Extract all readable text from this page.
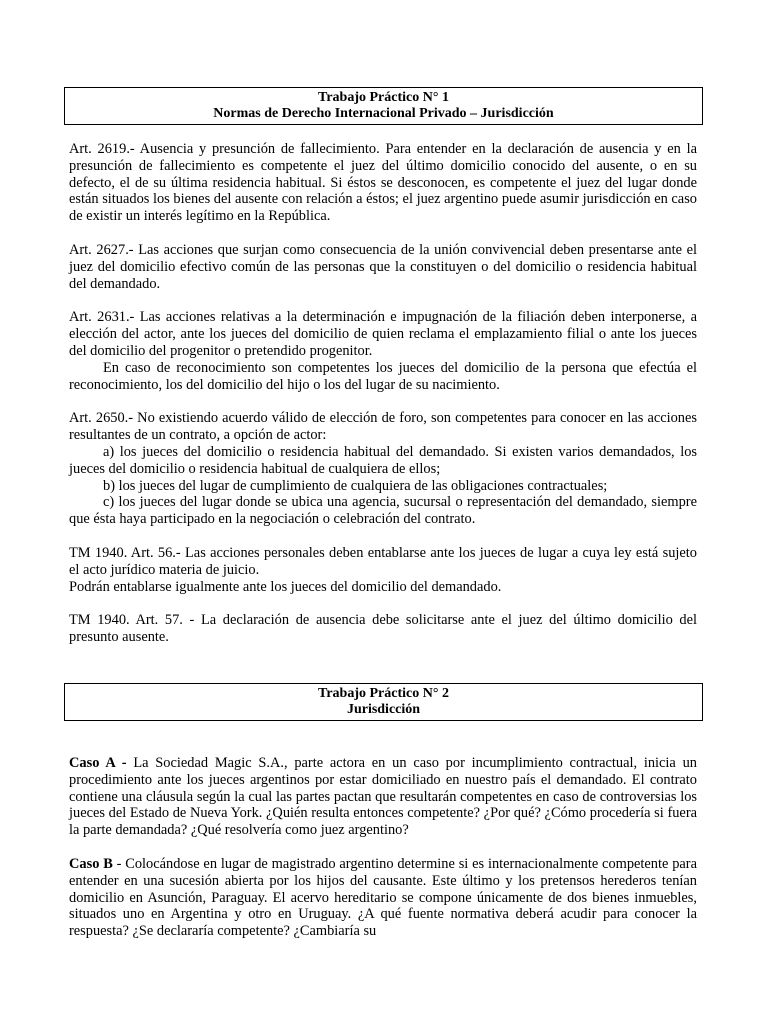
Trabajo Práctico N° 1
Normas de Derecho Internacional Privado – Jurisdicción

Art. 2619.- Ausencia y presunción de fallecimiento. Para entender en la declaración de ausencia y en la presunción de fallecimiento es competente el juez del último domicilio conocido del ausente, o en su defecto, el de su última residencia habitual. Si éstos se desconocen, es competente el juez del lugar donde están situados los bienes del ausente con relación a éstos; el juez argentino puede asumir jurisdicción en caso de existir un interés legítimo en la República.

Art. 2627.- Las acciones que surjan como consecuencia de la unión convivencial deben presentarse ante el juez del domicilio efectivo común de las personas que la constituyen o del domicilio o residencia habitual del demandado.

Art. 2631.- Las acciones relativas a la determinación e impugnación de la filiación deben interponerse, a elección del actor, ante los jueces del domicilio de quien reclama el emplazamiento filial o ante los jueces del domicilio del progenitor o pretendido progenitor.

En caso de reconocimiento son competentes los jueces del domicilio de la persona que efectúa el reconocimiento, los del domicilio del hijo o los del lugar de su nacimiento.

Art. 2650.- No existiendo acuerdo válido de elección de foro, son competentes para conocer en las acciones resultantes de un contrato, a opción de actor:

a) los jueces del domicilio o residencia habitual del demandado. Si existen varios demandados, los jueces del domicilio o residencia habitual de cualquiera de ellos;

b) los jueces del lugar de cumplimiento de cualquiera de las obligaciones contractuales;

c) los jueces del lugar donde se ubica una agencia, sucursal o representación del demandado, siempre que ésta haya participado en la negociación o celebración del contrato.

TM 1940. Art. 56.- Las acciones personales deben entablarse ante los jueces de lugar a cuya ley está sujeto el acto jurídico materia de juicio.

Podrán entablarse igualmente ante los jueces del domicilio del demandado.

TM 1940. Art. 57. - La declaración de ausencia debe solicitarse ante el juez del último domicilio del presunto ausente.

Trabajo Práctico N° 2
Jurisdicción

Caso A - La Sociedad Magic S.A., parte actora en un caso por incumplimiento contractual, inicia un procedimiento ante los jueces argentinos por estar domiciliado en nuestro país el demandado. El contrato contiene una cláusula según la cual las partes pactan que resultarán competentes en caso de controversias los jueces del Estado de Nueva York. ¿Quién resulta entonces competente? ¿Por qué? ¿Cómo procedería si fuera la parte demandada? ¿Qué resolvería como juez argentino?

Caso B - Colocándose en lugar de magistrado argentino determine si es internacionalmente competente para entender en una sucesión abierta por los hijos del causante. Este último y los pretensos herederos tenían domicilio en Asunción, Paraguay. El acervo hereditario se compone únicamente de dos bienes inmuebles, situados uno en Argentina y otro en Uruguay. ¿A qué fuente normativa deberá acudir para conocer la respuesta? ¿Se declararía competente? ¿Cambiaría su
